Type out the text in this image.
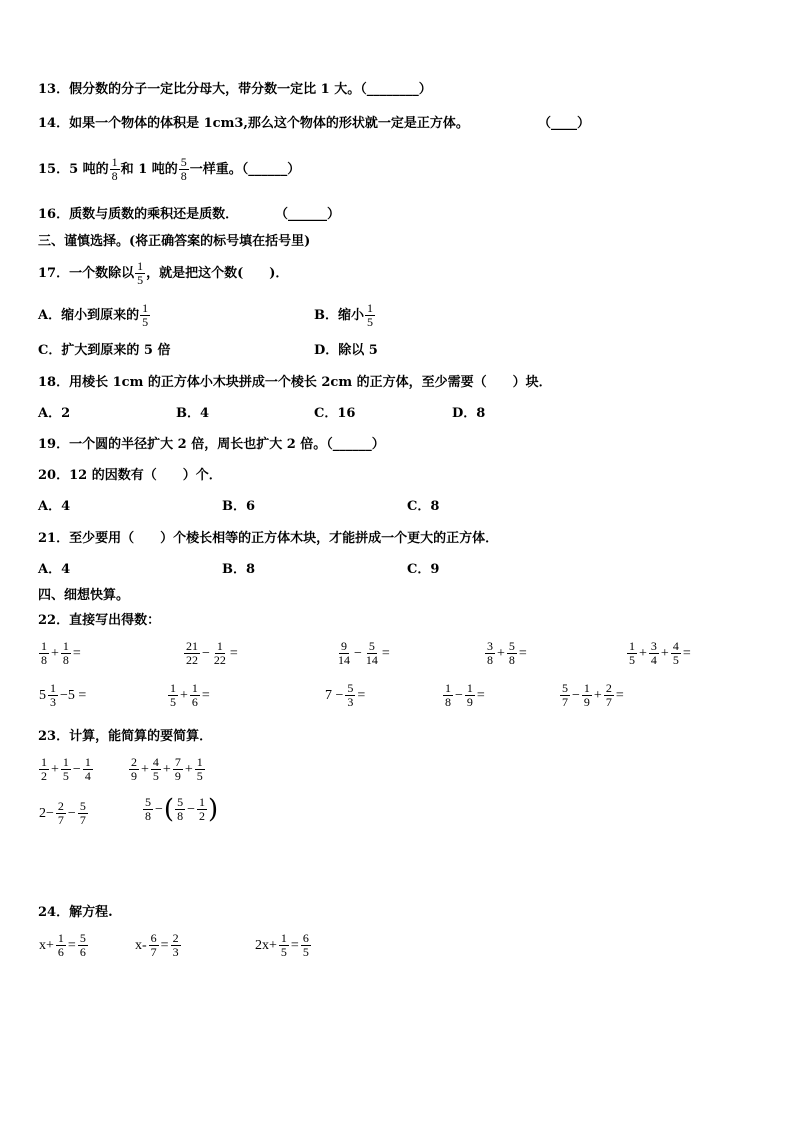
13．假分数的分子一定比分母大，带分数一定比 1 大。（________）
14．如果一个物体的体积是 1cm3,那么这个物体的形状就一定是正方体。	（____）
15．5 吨的 $\frac{1}{8}$ 和 1 吨的 $\frac{5}{8}$ 一样重。（______）
16．质数与质数的乘积还是质数．	（______）
三、谨慎选择。(将正确答案的标号填在括号里)
17．一个数除以 $\frac{1}{5}$ ，就是把这个数(　　)．
A．缩小到原来的 $\frac{1}{5}$	B．缩小 $\frac{1}{5}$
C．扩大到原来的 5 倍	D．除以 5
18．用棱长 1cm 的正方体小木块拼成一个棱长 2cm 的正方体，至少需要（　　）块．
A．2	B．4	C．16	D．8
19．一个圆的半径扩大 2 倍，周长也扩大 2 倍。（______）
20．12 的因数有（　　）个．
A．4	B．6	C．8
21．至少要用（　　）个棱长相等的正方体木块，才能拼成一个更大的正方体．
A．4	B．8	C．9
四、细想快算。
22．直接写出得数：
$\frac{1}{8} + \frac{1}{8}$ =	$\frac{21}{22} - \frac{1}{22}$ =	$\frac{9}{14} - \frac{5}{14}$ =	$\frac{3}{8} + \frac{5}{8}$ =	$\frac{1}{5} + \frac{3}{4} + \frac{4}{5}$ =
$5 \frac{1}{3} -5$ =	$\frac{1}{5} + \frac{1}{6}$ =	$7 - \frac{5}{3}$ =	$\frac{1}{8} - \frac{1}{9}$ =	$\frac{5}{7} - \frac{1}{9} + \frac{2}{7}$ =
23．计算，能简算的要简算．
$\frac{1}{2} + \frac{1}{5} - \frac{1}{4}$	$\frac{2}{9} + \frac{4}{5} + \frac{7}{9} + \frac{1}{5}$
$2- \frac{2}{7} - \frac{5}{7}$	$\frac{5}{8}$ −( $\frac{5}{8} - \frac{1}{2}$ )
24．解方程.
$x+ \frac{1}{6} = \frac{5}{6}$	$x- \frac{6}{7} = \frac{2}{3}$	$2x+ \frac{1}{5} = \frac{6}{5}$
